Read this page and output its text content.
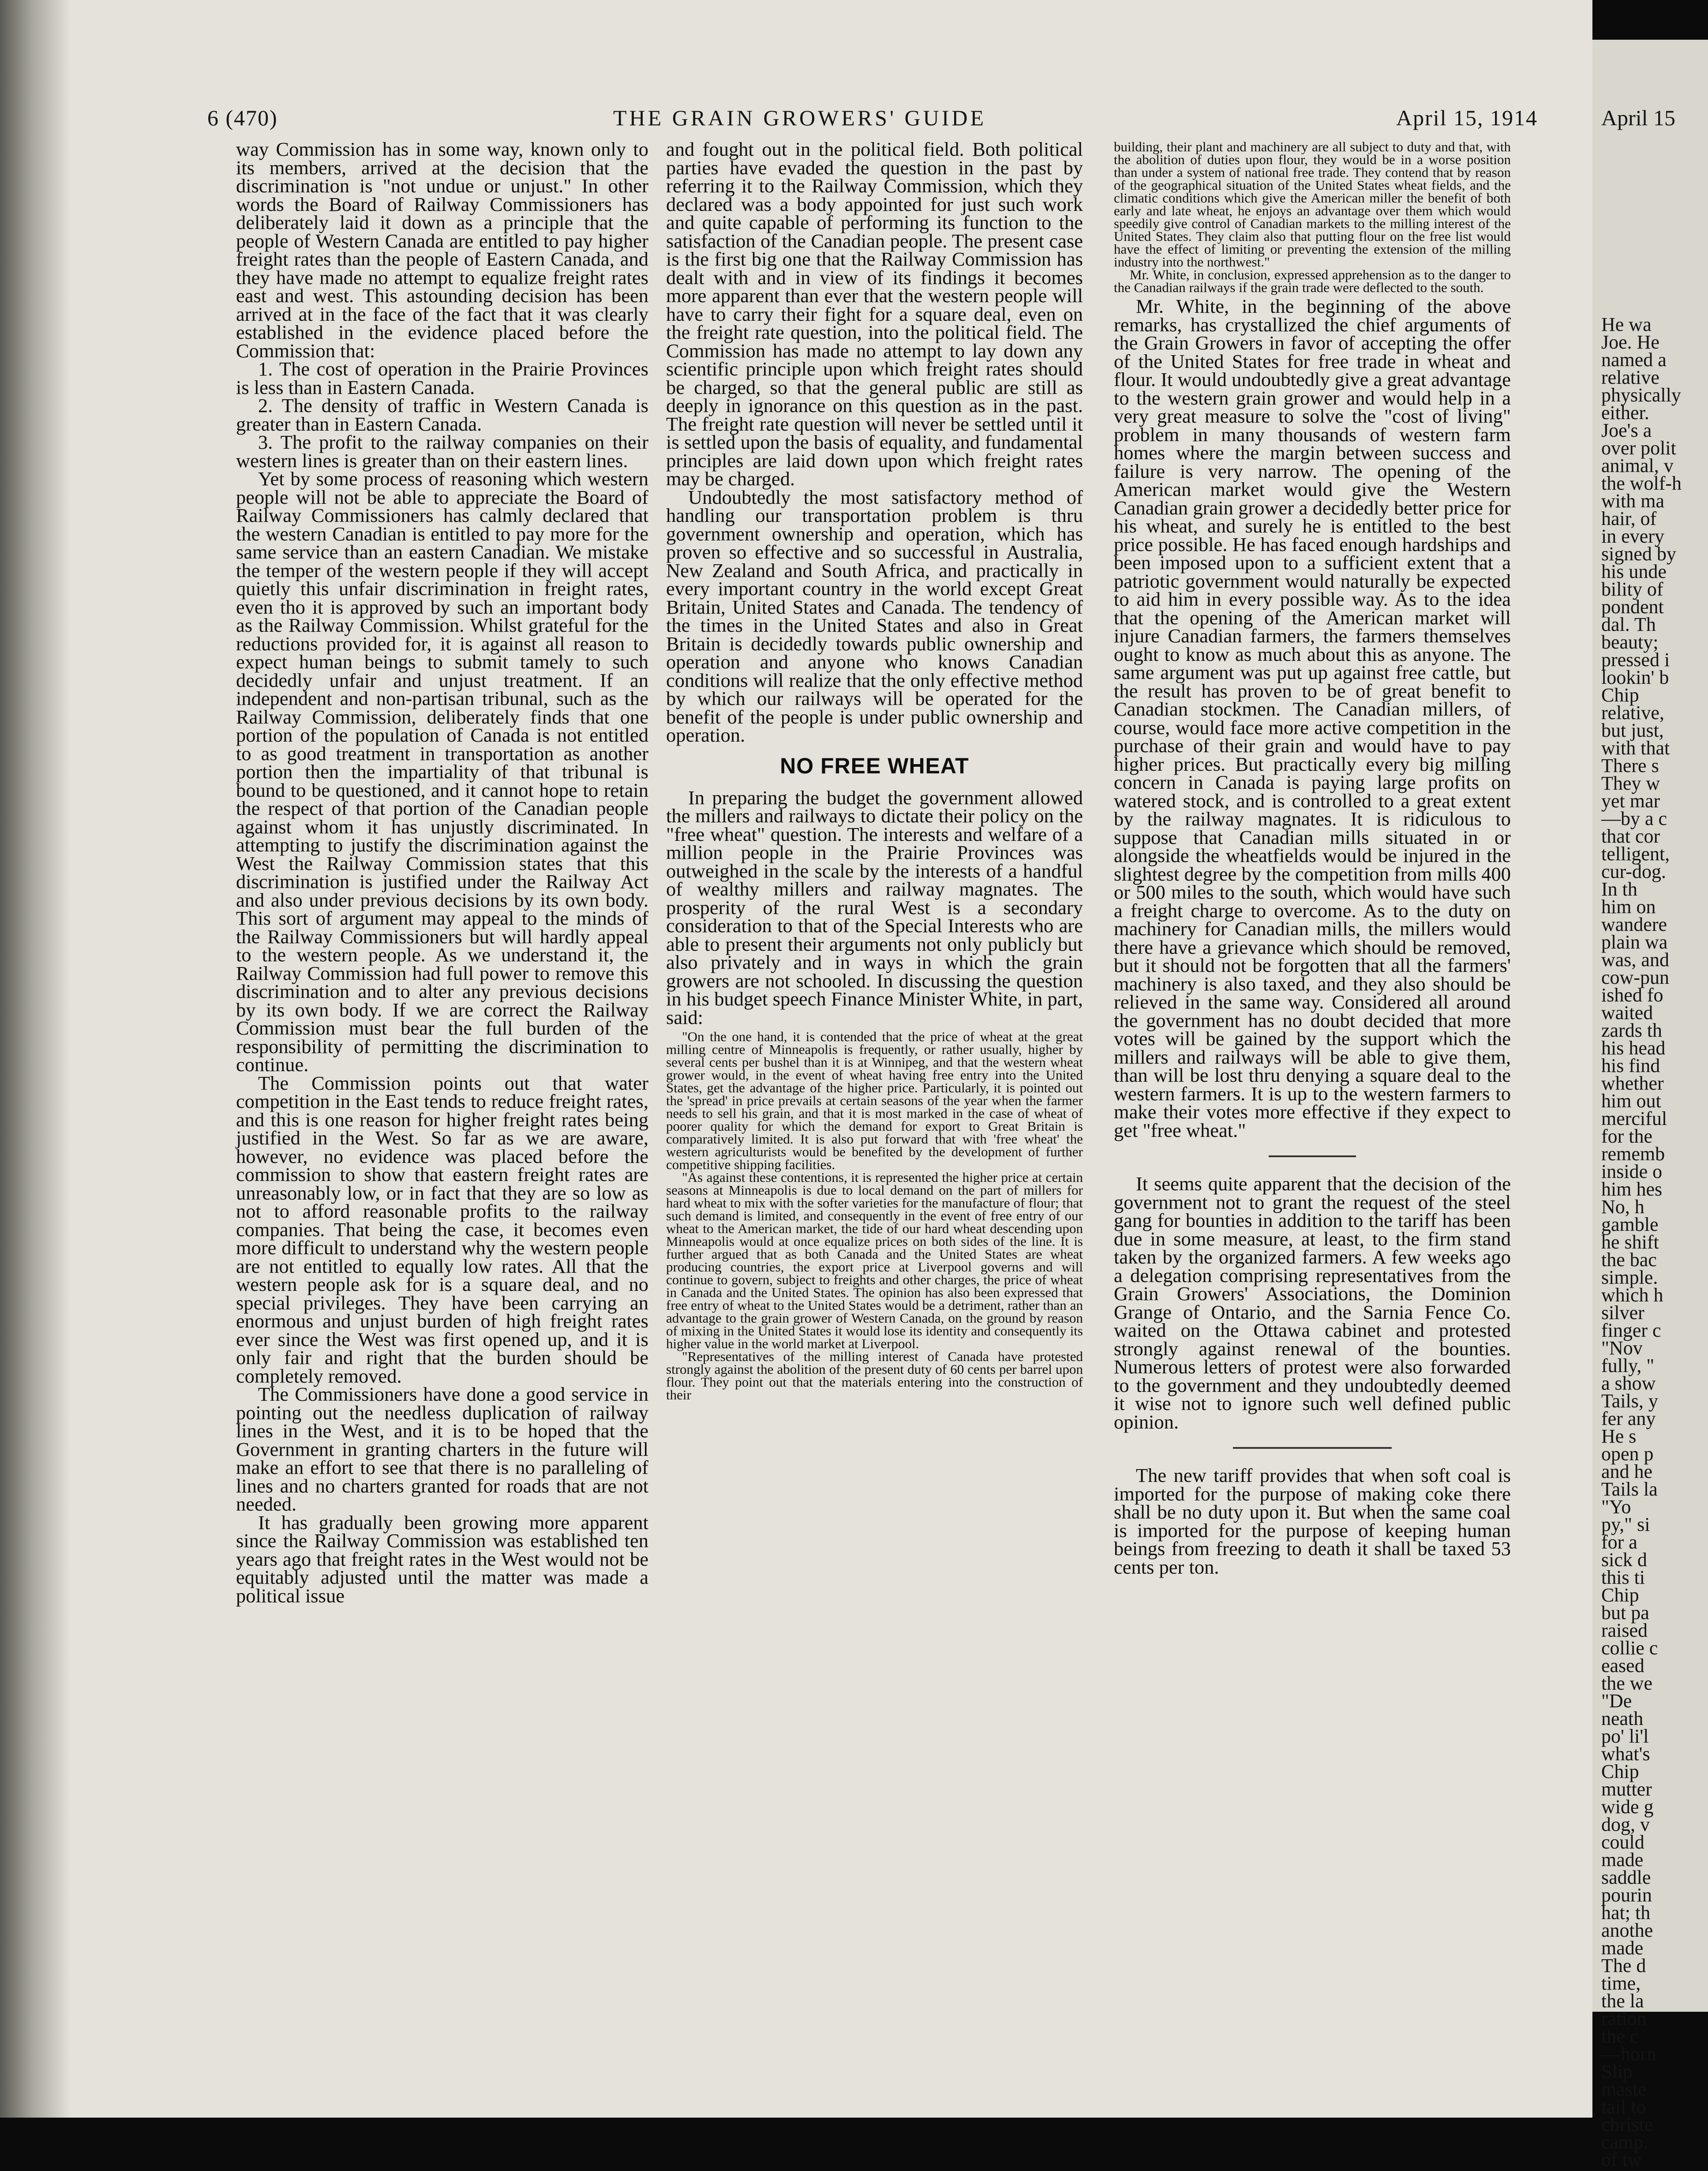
6 (470)	THE GRAIN GROWERS' GUIDE	April 15, 1914

way Commission has in some way, known only to its members, arrived at the decision that the discrimination is "not undue or unjust." In other words the Board of Railway Commissioners has deliberately laid it down as a principle that the people of Western Canada are entitled to pay higher freight rates than the people of Eastern Canada, and they have made no attempt to equalize freight rates east and west. This astounding decision has been arrived at in the face of the fact that it was clearly established in the evidence placed before the Commission that:

1. The cost of operation in the Prairie Provinces is less than in Eastern Canada.

2. The density of traffic in Western Canada is greater than in Eastern Canada.

3. The profit to the railway companies on their western lines is greater than on their eastern lines.

Yet by some process of reasoning which western people will not be able to appreciate the Board of Railway Commissioners has calmly declared that the western Canadian is entitled to pay more for the same service than an eastern Canadian. We mistake the temper of the western people if they will accept quietly this unfair discrimination in freight rates, even tho it is approved by such an important body as the Railway Commission. Whilst grateful for the reductions provided for, it is against all reason to expect human beings to submit tamely to such decidedly unfair and unjust treatment. If an independent and non-partisan tribunal, such as the Railway Commission, deliberately finds that one portion of the population of Canada is not entitled to as good treatment in transportation as another portion then the impartiality of that tribunal is bound to be questioned, and it cannot hope to retain the respect of that portion of the Canadian people against whom it has unjustly discriminated. In attempting to justify the discrimination against the West the Railway Commission states that this discrimination is justified under the Railway Act and also under previous decisions by its own body. This sort of argument may appeal to the minds of the Railway Commissioners but will hardly appeal to the western people. As we understand it, the Railway Commission had full power to remove this discrimination and to alter any previous decisions by its own body. If we are correct the Railway Commission must bear the full burden of the responsibility of permitting the discrimination to continue.

The Commission points out that water competition in the East tends to reduce freight rates, and this is one reason for higher freight rates being justified in the West. So far as we are aware, however, no evidence was placed before the commission to show that eastern freight rates are unreasonably low, or in fact that they are so low as not to afford reasonable profits to the railway companies. That being the case, it becomes even more difficult to understand why the western people are not entitled to equally low rates. All that the western people ask for is a square deal, and no special privileges. They have been carrying an enormous and unjust burden of high freight rates ever since the West was first opened up, and it is only fair and right that the burden should be completely removed.

The Commissioners have done a good service in pointing out the needless duplication of railway lines in the West, and it is to be hoped that the Government in granting charters in the future will make an effort to see that there is no paralleling of lines and no charters granted for roads that are not needed.

It has gradually been growing more apparent since the Railway Commission was established ten years ago that freight rates in the West would not be equitably adjusted until the matter was made a political issue

and fought out in the political field. Both political parties have evaded the question in the past by referring it to the Railway Commission, which they declared was a body appointed for just such work and quite capable of performing its function to the satisfaction of the Canadian people. The present case is the first big one that the Railway Commission has dealt with and in view of its findings it becomes more apparent than ever that the western people will have to carry their fight for a square deal, even on the freight rate question, into the political field. The Commission has made no attempt to lay down any scientific principle upon which freight rates should be charged, so that the general public are still as deeply in ignorance on this question as in the past. The freight rate question will never be settled until it is settled upon the basis of equality, and fundamental principles are laid down upon which freight rates may be charged.

Undoubtedly the most satisfactory method of handling our transportation problem is thru government ownership and operation, which has proven so effective and so successful in Australia, New Zealand and South Africa, and practically in every important country in the world except Great Britain, United States and Canada. The tendency of the times in the United States and also in Great Britain is decidedly towards public ownership and operation and anyone who knows Canadian conditions will realize that the only effective method by which our railways will be operated for the benefit of the people is under public ownership and operation.

NO FREE WHEAT

In preparing the budget the government allowed the millers and railways to dictate their policy on the "free wheat" question. The interests and welfare of a million people in the Prairie Provinces was outweighed in the scale by the interests of a handful of wealthy millers and railway magnates. The prosperity of the rural West is a secondary consideration to that of the Special Interests who are able to present their arguments not only publicly but also privately and in ways in which the grain growers are not schooled. In discussing the question in his budget speech Finance Minister White, in part, said:

"On the one hand, it is contended that the price of wheat at the great milling centre of Minneapolis is frequently, or rather usually, higher by several cents per bushel than it is at Winnipeg, and that the western wheat grower would, in the event of wheat having free entry into the United States, get the advantage of the higher price. Particularly, it is pointed out the 'spread' in price prevails at certain seasons of the year when the farmer needs to sell his grain, and that it is most marked in the case of wheat of poorer quality for which the demand for export to Great Britain is comparatively limited. It is also put forward that with 'free wheat' the western agriculturists would be benefited by the development of further competitive shipping facilities.

"As against these contentions, it is represented the higher price at certain seasons at Minneapolis is due to local demand on the part of millers for hard wheat to mix with the softer varieties for the manufacture of flour; that such demand is limited, and consequently in the event of free entry of our wheat to the American market, the tide of our hard wheat descending upon Minneapolis would at once equalize prices on both sides of the line. It is further argued that as both Canada and the United States are wheat producing countries, the export price at Liverpool governs and will continue to govern, subject to freights and other charges, the price of wheat in Canada and the United States. The opinion has also been expressed that free entry of wheat to the United States would be a detriment, rather than an advantage to the grain grower of Western Canada, on the ground by reason of mixing in the United States it would lose its identity and consequently its higher value in the world market at Liverpool.

"Representatives of the milling interest of Canada have protested strongly against the abolition of the present duty of 60 cents per barrel upon flour. They point out that the materials entering into the construction of their

building, their plant and machinery are all subject to duty and that, with the abolition of duties upon flour, they would be in a worse position than under a system of national free trade. They contend that by reason of the geographical situation of the United States wheat fields, and the climatic conditions which give the American miller the benefit of both early and late wheat, he enjoys an advantage over them which would speedily give control of Canadian markets to the milling interest of the United States. They claim also that putting flour on the free list would have the effect of limiting or preventing the extension of the milling industry into the northwest."

Mr. White, in conclusion, expressed apprehension as to the danger to the Canadian railways if the grain trade were deflected to the south.

Mr. White, in the beginning of the above remarks, has crystallized the chief arguments of the Grain Growers in favor of accepting the offer of the United States for free trade in wheat and flour. It would undoubtedly give a great advantage to the western grain grower and would help in a very great measure to solve the "cost of living" problem in many thousands of western farm homes where the margin between success and failure is very narrow. The opening of the American market would give the Western Canadian grain grower a decidedly better price for his wheat, and surely he is entitled to the best price possible. He has faced enough hardships and been imposed upon to a sufficient extent that a patriotic government would naturally be expected to aid him in every possible way. As to the idea that the opening of the American market will injure Canadian farmers, the farmers themselves ought to know as much about this as anyone. The same argument was put up against free cattle, but the result has proven to be of great benefit to Canadian stockmen. The Canadian millers, of course, would face more active competition in the purchase of their grain and would have to pay higher prices. But practically every big milling concern in Canada is paying large profits on watered stock, and is controlled to a great extent by the railway magnates. It is ridiculous to suppose that Canadian mills situated in or alongside the wheatfields would be injured in the slightest degree by the competition from mills 400 or 500 miles to the south, which would have such a freight charge to overcome. As to the duty on machinery for Canadian mills, the millers would there have a grievance which should be removed, but it should not be forgotten that all the farmers' machinery is also taxed, and they also should be relieved in the same way. Considered all around the government has no doubt decided that more votes will be gained by the support which the millers and railways will be able to give them, than will be lost thru denying a square deal to the western farmers. It is up to the western farmers to make their votes more effective if they expect to get "free wheat."

It seems quite apparent that the decision of the government not to grant the request of the steel gang for bounties in addition to the tariff has been due in some measure, at least, to the firm stand taken by the organized farmers. A few weeks ago a delegation comprising representatives from the Grain Growers' Associations, the Dominion Grange of Ontario, and the Sarnia Fence Co. waited on the Ottawa cabinet and protested strongly against renewal of the bounties. Numerous letters of protest were also forwarded to the government and they undoubtedly deemed it wise not to ignore such well defined public opinion.

The new tariff provides that when soft coal is imported for the purpose of making coke there shall be no duty upon it. But when the same coal is imported for the purpose of keeping human beings from freezing to death it shall be taxed 53 cents per ton.

April 15
He wa
Joe. He
named a
relative
physically
either.
Joe's a
over polit
animal, v
the wolf-h
with ma
hair, of
in every
signed by
his unde
bility of
pondent
dal. Th
beauty;
pressed i
lookin' b
Chip
relative,
but just,
with that
There s
They w
yet mar
—by a c
that cor
telligent,
cur-dog.
In th
him on
wandere
plain wa
was, and
cow-pun
ished fo
waited
zards th
his head
his find
whether
him out
merciful
for the
rememb
inside o
him hes
No, h
gamble
he shift
the bac
simple.
which h
silver
finger c
"Nov
fully, "
a show
Tails, y
fer any
He s
open p
and he
Tails la
"Yo
py," si
for a
sick d
this ti
Chip
but pa
raised
collie c
eased
the we
"De
neath
po' li'l
what's
Chip
mutter
wide g
dog, v
could
made
saddle
pourin
hat; th
anothe
made
The d
time,
the la
ration
the c
—horn
Slip
maste
tail to
christe
camp.
of tw
